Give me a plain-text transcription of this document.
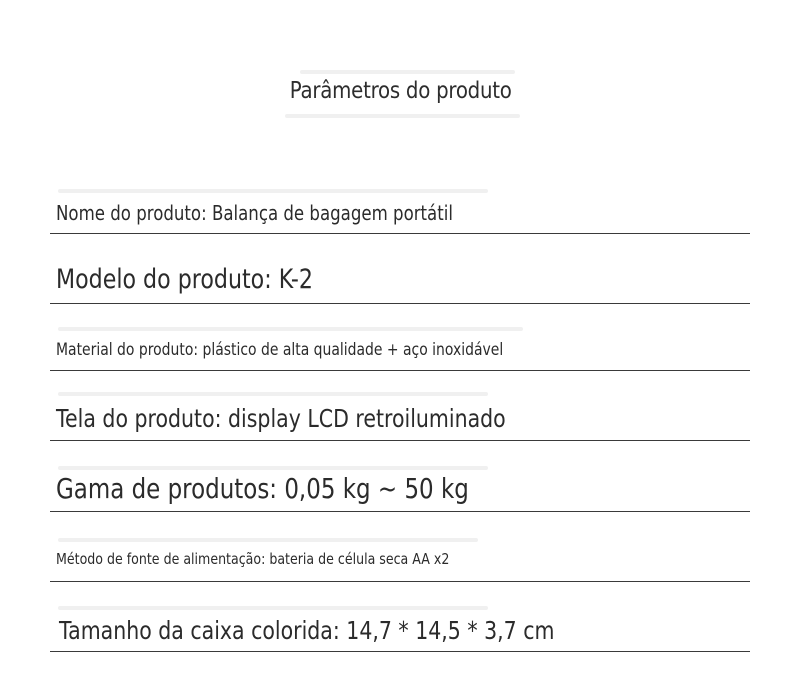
Parâmetros do produto
Nome do produto: Balança de bagagem portátil
Modelo do produto: K-2
Material do produto: plástico de alta qualidade + aço inoxidável
Tela do produto: display LCD retroiluminado
Gama de produtos: 0,05 kg ~ 50 kg
Método de fonte de alimentação: bateria de célula seca AA x2
Tamanho da caixa colorida: 14,7 * 14,5 * 3,7 cm
